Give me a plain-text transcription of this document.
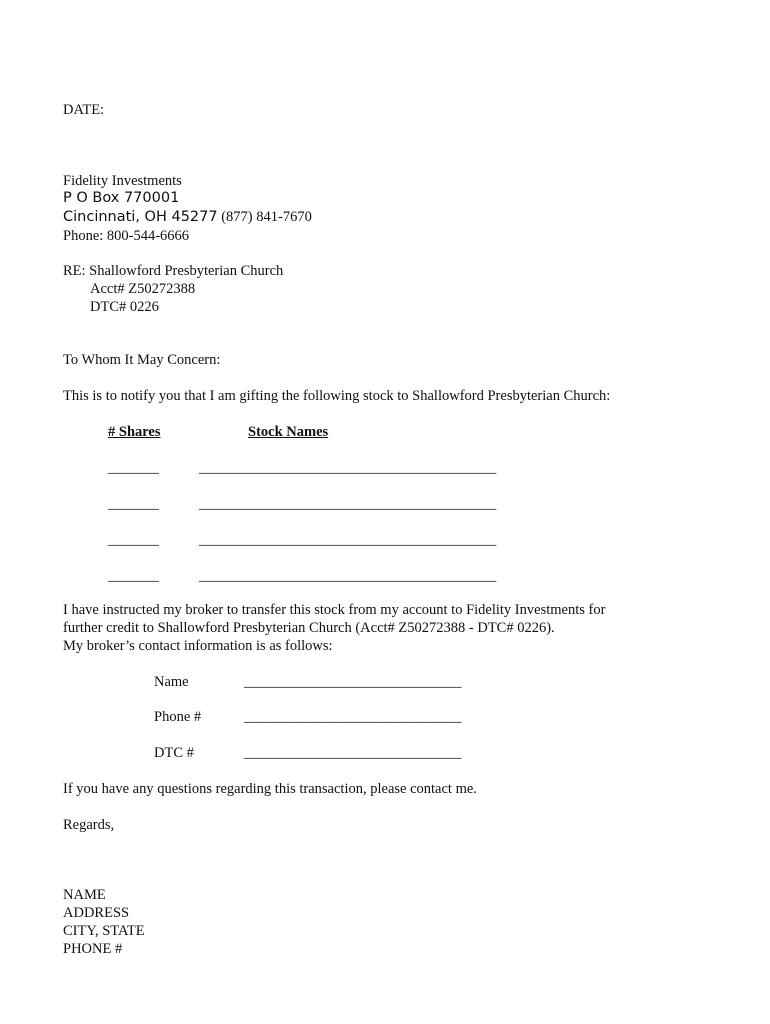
DATE:
Fidelity Investments
P O Box 770001
Cincinnati, OH 45277 (877) 841-7670
Phone: 800-544-6666
RE: Shallowford Presbyterian Church
Acct# Z50272388
DTC# 0226
To Whom It May Concern:
This is to notify you that I am gifting the following stock to Shallowford Presbyterian Church:
# Shares	Stock Names
_______	_________________________________________
_______	_________________________________________
_______	_________________________________________
_______	_________________________________________
I have instructed my broker to transfer this stock from my account to Fidelity Investments for
further credit to Shallowford Presbyterian Church (Acct# Z50272388 - DTC# 0226).
My broker’s contact information is as follows:
Name	______________________________
Phone #	______________________________
DTC #	______________________________
If you have any questions regarding this transaction, please contact me.
Regards,
NAME
ADDRESS
CITY, STATE
PHONE #
